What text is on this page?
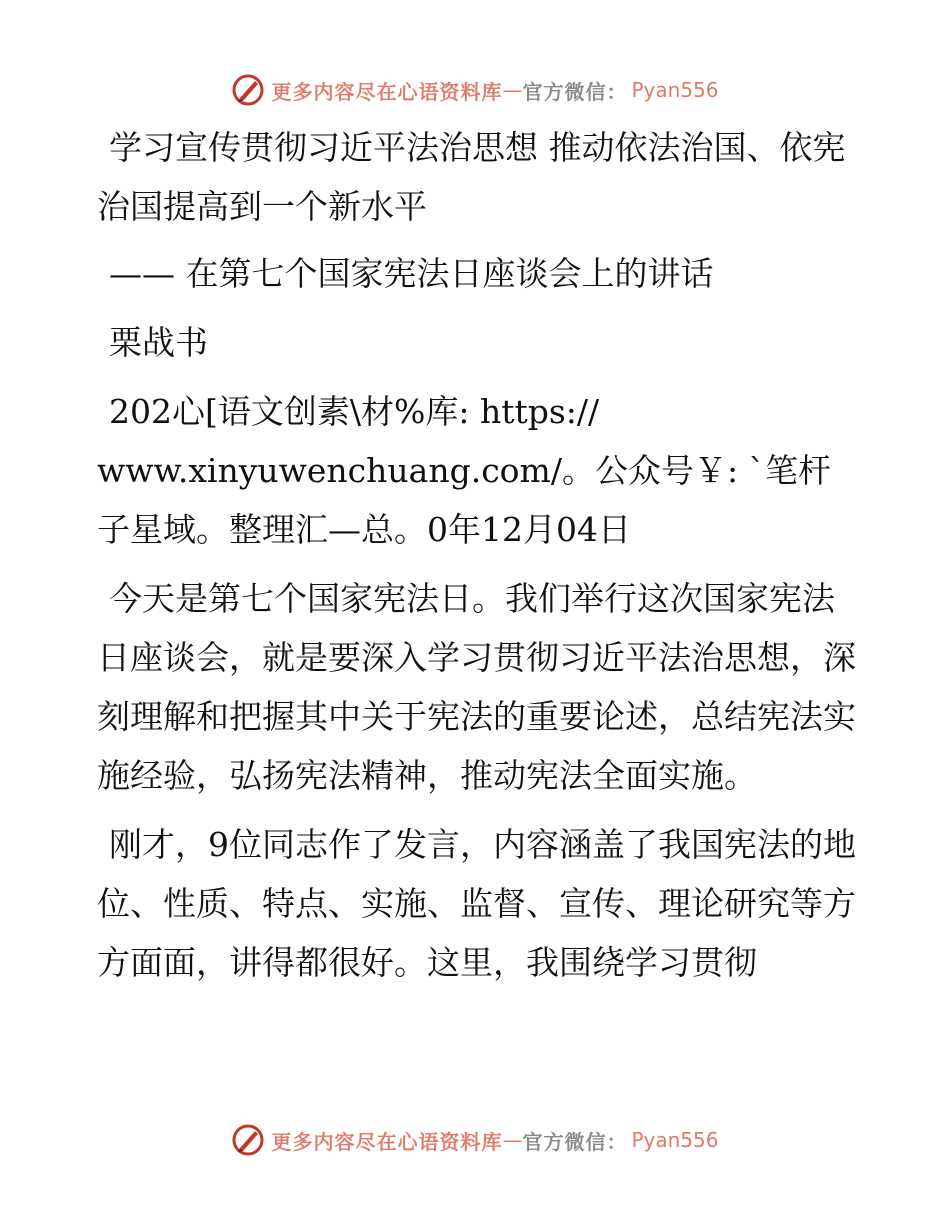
更多内容尽在心语资料库 — 官方微信： Pyan556

学习宣传贯彻习近平法治思想 推动依法治国、依宪治国提高到一个新水平

—— 在第七个国家宪法日座谈会上的讲话

栗战书

202心[语文创素\材%库: https:// www.xinyuwenchuang.com/。公众号￥: `笔杆子星域。整理汇—总。0年12月04日

今天是第七个国家宪法日。我们举行这次国家宪法日座谈会，就是要深入学习贯彻习近平法治思想，深刻理解和把握其中关于宪法的重要论述，总结宪法实施经验，弘扬宪法精神，推动宪法全面实施。

刚才，9位同志作了发言，内容涵盖了我国宪法的地位、性质、特点、实施、监督、宣传、理论研究等方方面面，讲得都很好。这里，我围绕学习贯彻

更多内容尽在心语资料库 — 官方微信： Pyan556
